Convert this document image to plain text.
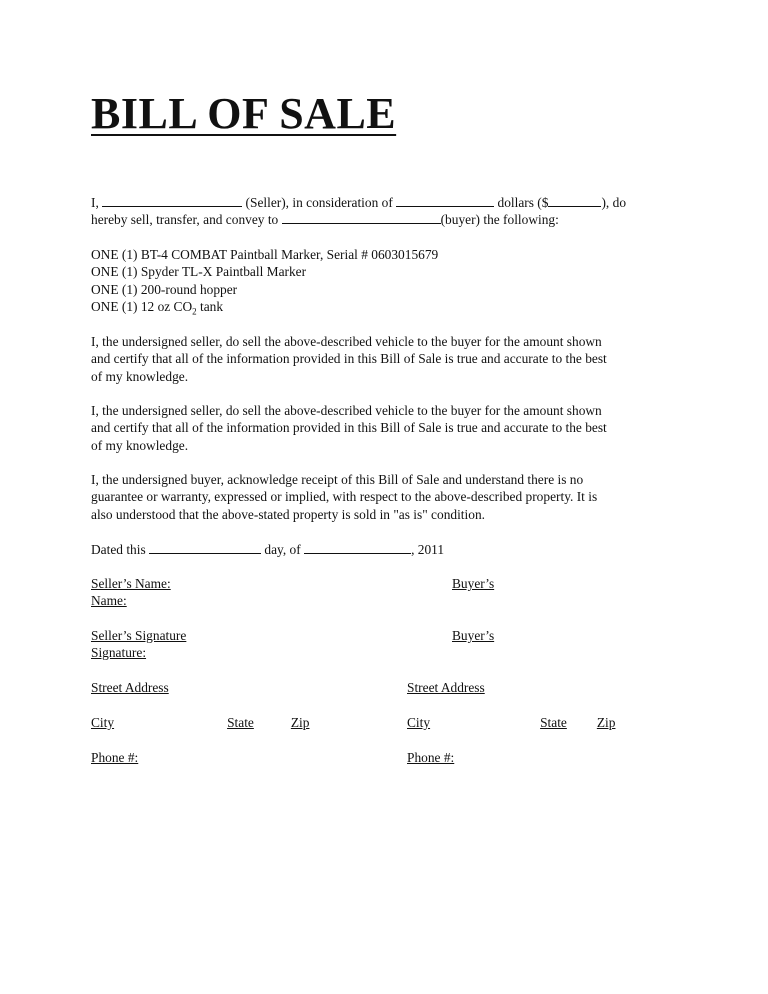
BILL OF SALE
I,	(Seller), in consideration of	dollars ($	), do
hereby sell, transfer, and convey to	(buyer) the following:
ONE (1) BT-4 COMBAT Paintball Marker, Serial # 0603015679
ONE (1) Spyder TL-X Paintball Marker
ONE (1) 200-round hopper
ONE (1) 12 oz $CO_2$ tank
I, the undersigned seller, do sell the above-described vehicle to the buyer for the amount shown
and certify that all of the information provided in this Bill of Sale is true and accurate to the best
of my knowledge.
I, the undersigned seller, do sell the above-described vehicle to the buyer for the amount shown
and certify that all of the information provided in this Bill of Sale is true and accurate to the best
of my knowledge.
I, the undersigned buyer, acknowledge receipt of this Bill of Sale and understand there is no
guarantee or warranty, expressed or implied, with respect to the above-described property. It is
also understood that the above-stated property is sold in "as is" condition.
Dated this	day, of	, 2011
Seller’s Name:	Buyer’s
Name:
Seller’s Signature	Buyer’s
Signature:
Street Address	Street Address
City	State	Zip	City	State Zip
Phone #:	Phone #:
